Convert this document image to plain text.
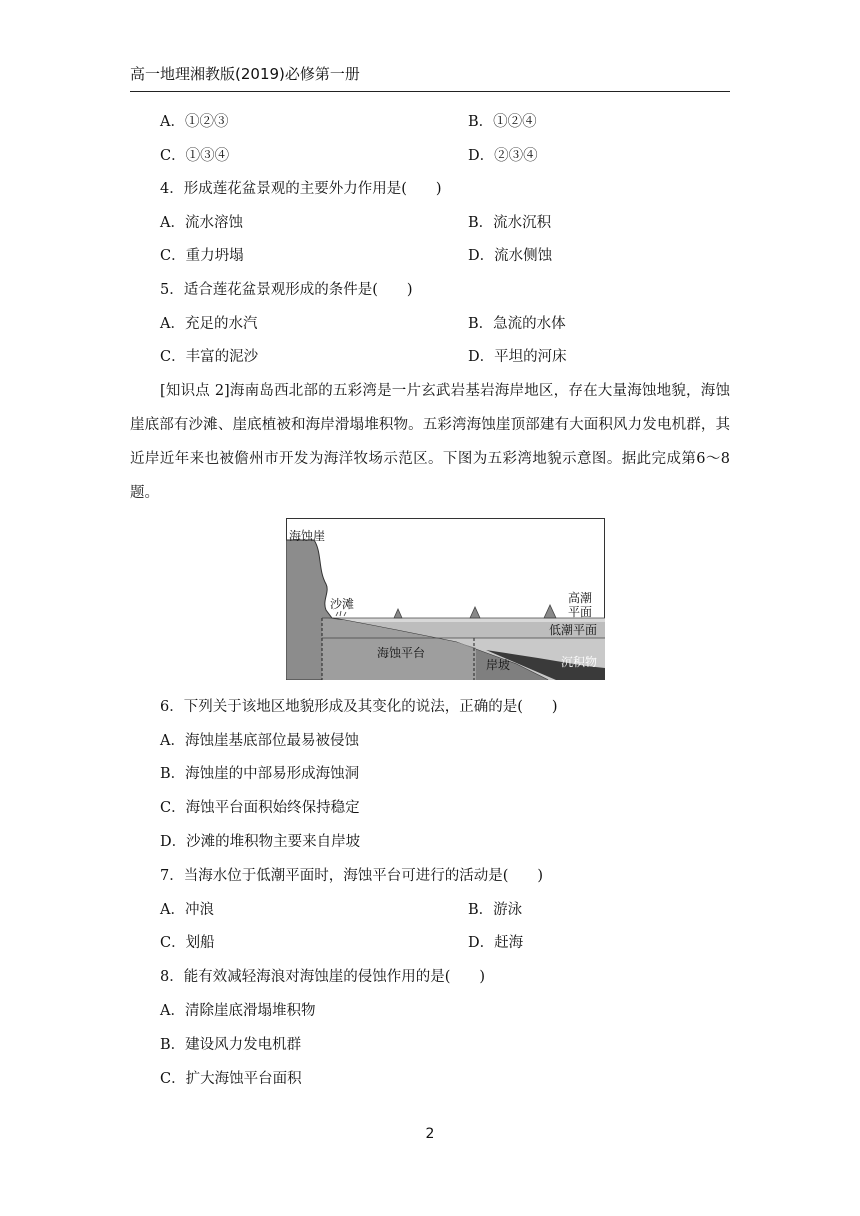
高一地理湘教版(2019)必修第一册
A．①②③	B．①②④
C．①③④	D．②③④
4．形成莲花盆景观的主要外力作用是(　　)
A．流水溶蚀	B．流水沉积
C．重力坍塌	D．流水侧蚀
5．适合莲花盆景观形成的条件是(　　)
A．充足的水汽	B．急流的水体
C．丰富的泥沙	D．平坦的河床
[知识点 2]海南岛西北部的五彩湾是一片玄武岩基岩海岸地区，存在大量海蚀地貌，海蚀崖底部有沙滩、崖底植被和海岸滑塌堆积物。五彩湾海蚀崖顶部建有大面积风力发电机群，其近岸近年来也被儋州市开发为海洋牧场示范区。下图为五彩湾地貌示意图。据此完成第6～8题。
海蚀崖
沙滩	高潮
平面
低潮平面
海蚀平台
岸坡	沉积物
6．下列关于该地区地貌形成及其变化的说法，正确的是(　　)
A．海蚀崖基底部位最易被侵蚀
B．海蚀崖的中部易形成海蚀洞
C．海蚀平台面积始终保持稳定
D．沙滩的堆积物主要来自岸坡
7．当海水位于低潮平面时，海蚀平台可进行的活动是(　　)
A．冲浪	B．游泳
C．划船	D．赶海
8．能有效减轻海浪对海蚀崖的侵蚀作用的是(　　)
A．清除崖底滑塌堆积物
B．建设风力发电机群
C．扩大海蚀平台面积
2
